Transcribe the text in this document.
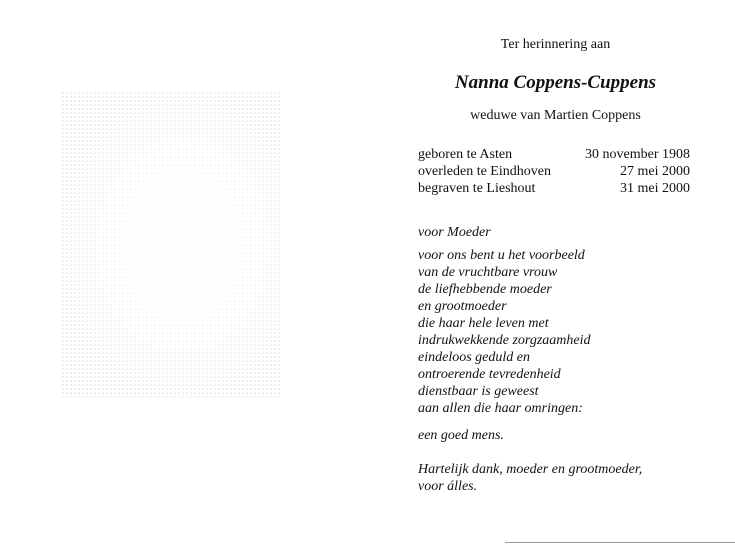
Ter herinnering aan
Nanna Coppens-Cuppens
weduwe van Martien Coppens
geboren te Asten	30 november 1908
overleden te Eindhoven	27 mei 2000
begraven te Lieshout	31 mei 2000
voor Moeder
voor ons bent u het voorbeeld
van de vruchtbare vrouw
de liefhebbende moeder
en grootmoeder
die haar hele leven met
indrukwekkende zorgzaamheid
eindeloos geduld en
ontroerende tevredenheid
dienstbaar is geweest
aan allen die haar omringen:
een goed mens.
Hartelijk dank, moeder en grootmoeder,
voor álles.
